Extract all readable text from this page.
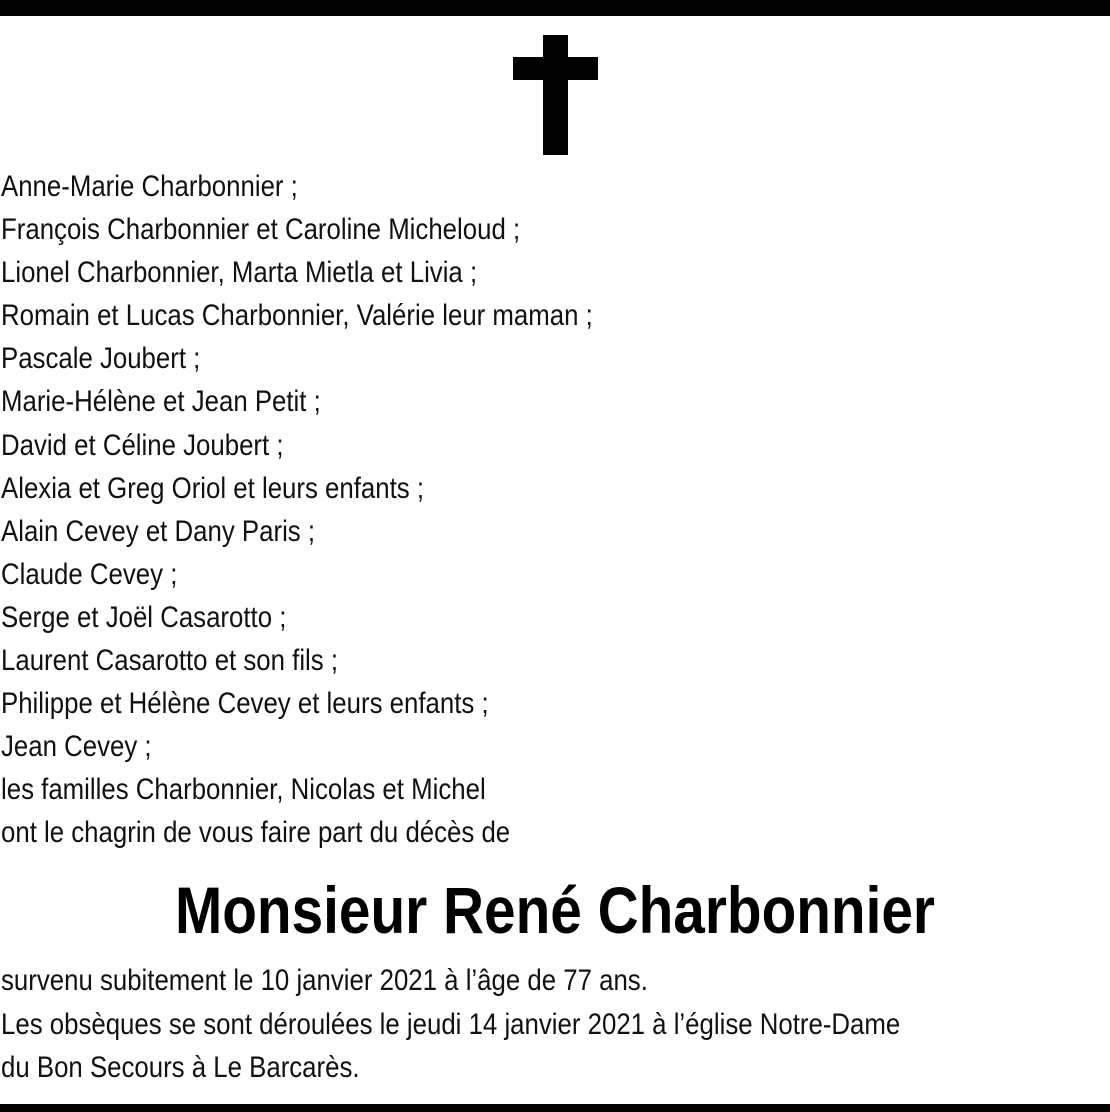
Anne-Marie Charbonnier ;
François Charbonnier et Caroline Micheloud ;
Lionel Charbonnier, Marta Mietla et Livia ;
Romain et Lucas Charbonnier, Valérie leur maman ;
Pascale Joubert ;
Marie-Hélène et Jean Petit ;
David et Céline Joubert ;
Alexia et Greg Oriol et leurs enfants ;
Alain Cevey et Dany Paris ;
Claude Cevey ;
Serge et Joël Casarotto ;
Laurent Casarotto et son fils ;
Philippe et Hélène Cevey et leurs enfants ;
Jean Cevey ;
les familles Charbonnier, Nicolas et Michel
ont le chagrin de vous faire part du décès de
Monsieur René Charbonnier
survenu subitement le 10 janvier 2021 à l’âge de 77 ans.
Les obsèques se sont déroulées le jeudi 14 janvier 2021 à l’église Notre-Dame
du Bon Secours à Le Barcarès.
